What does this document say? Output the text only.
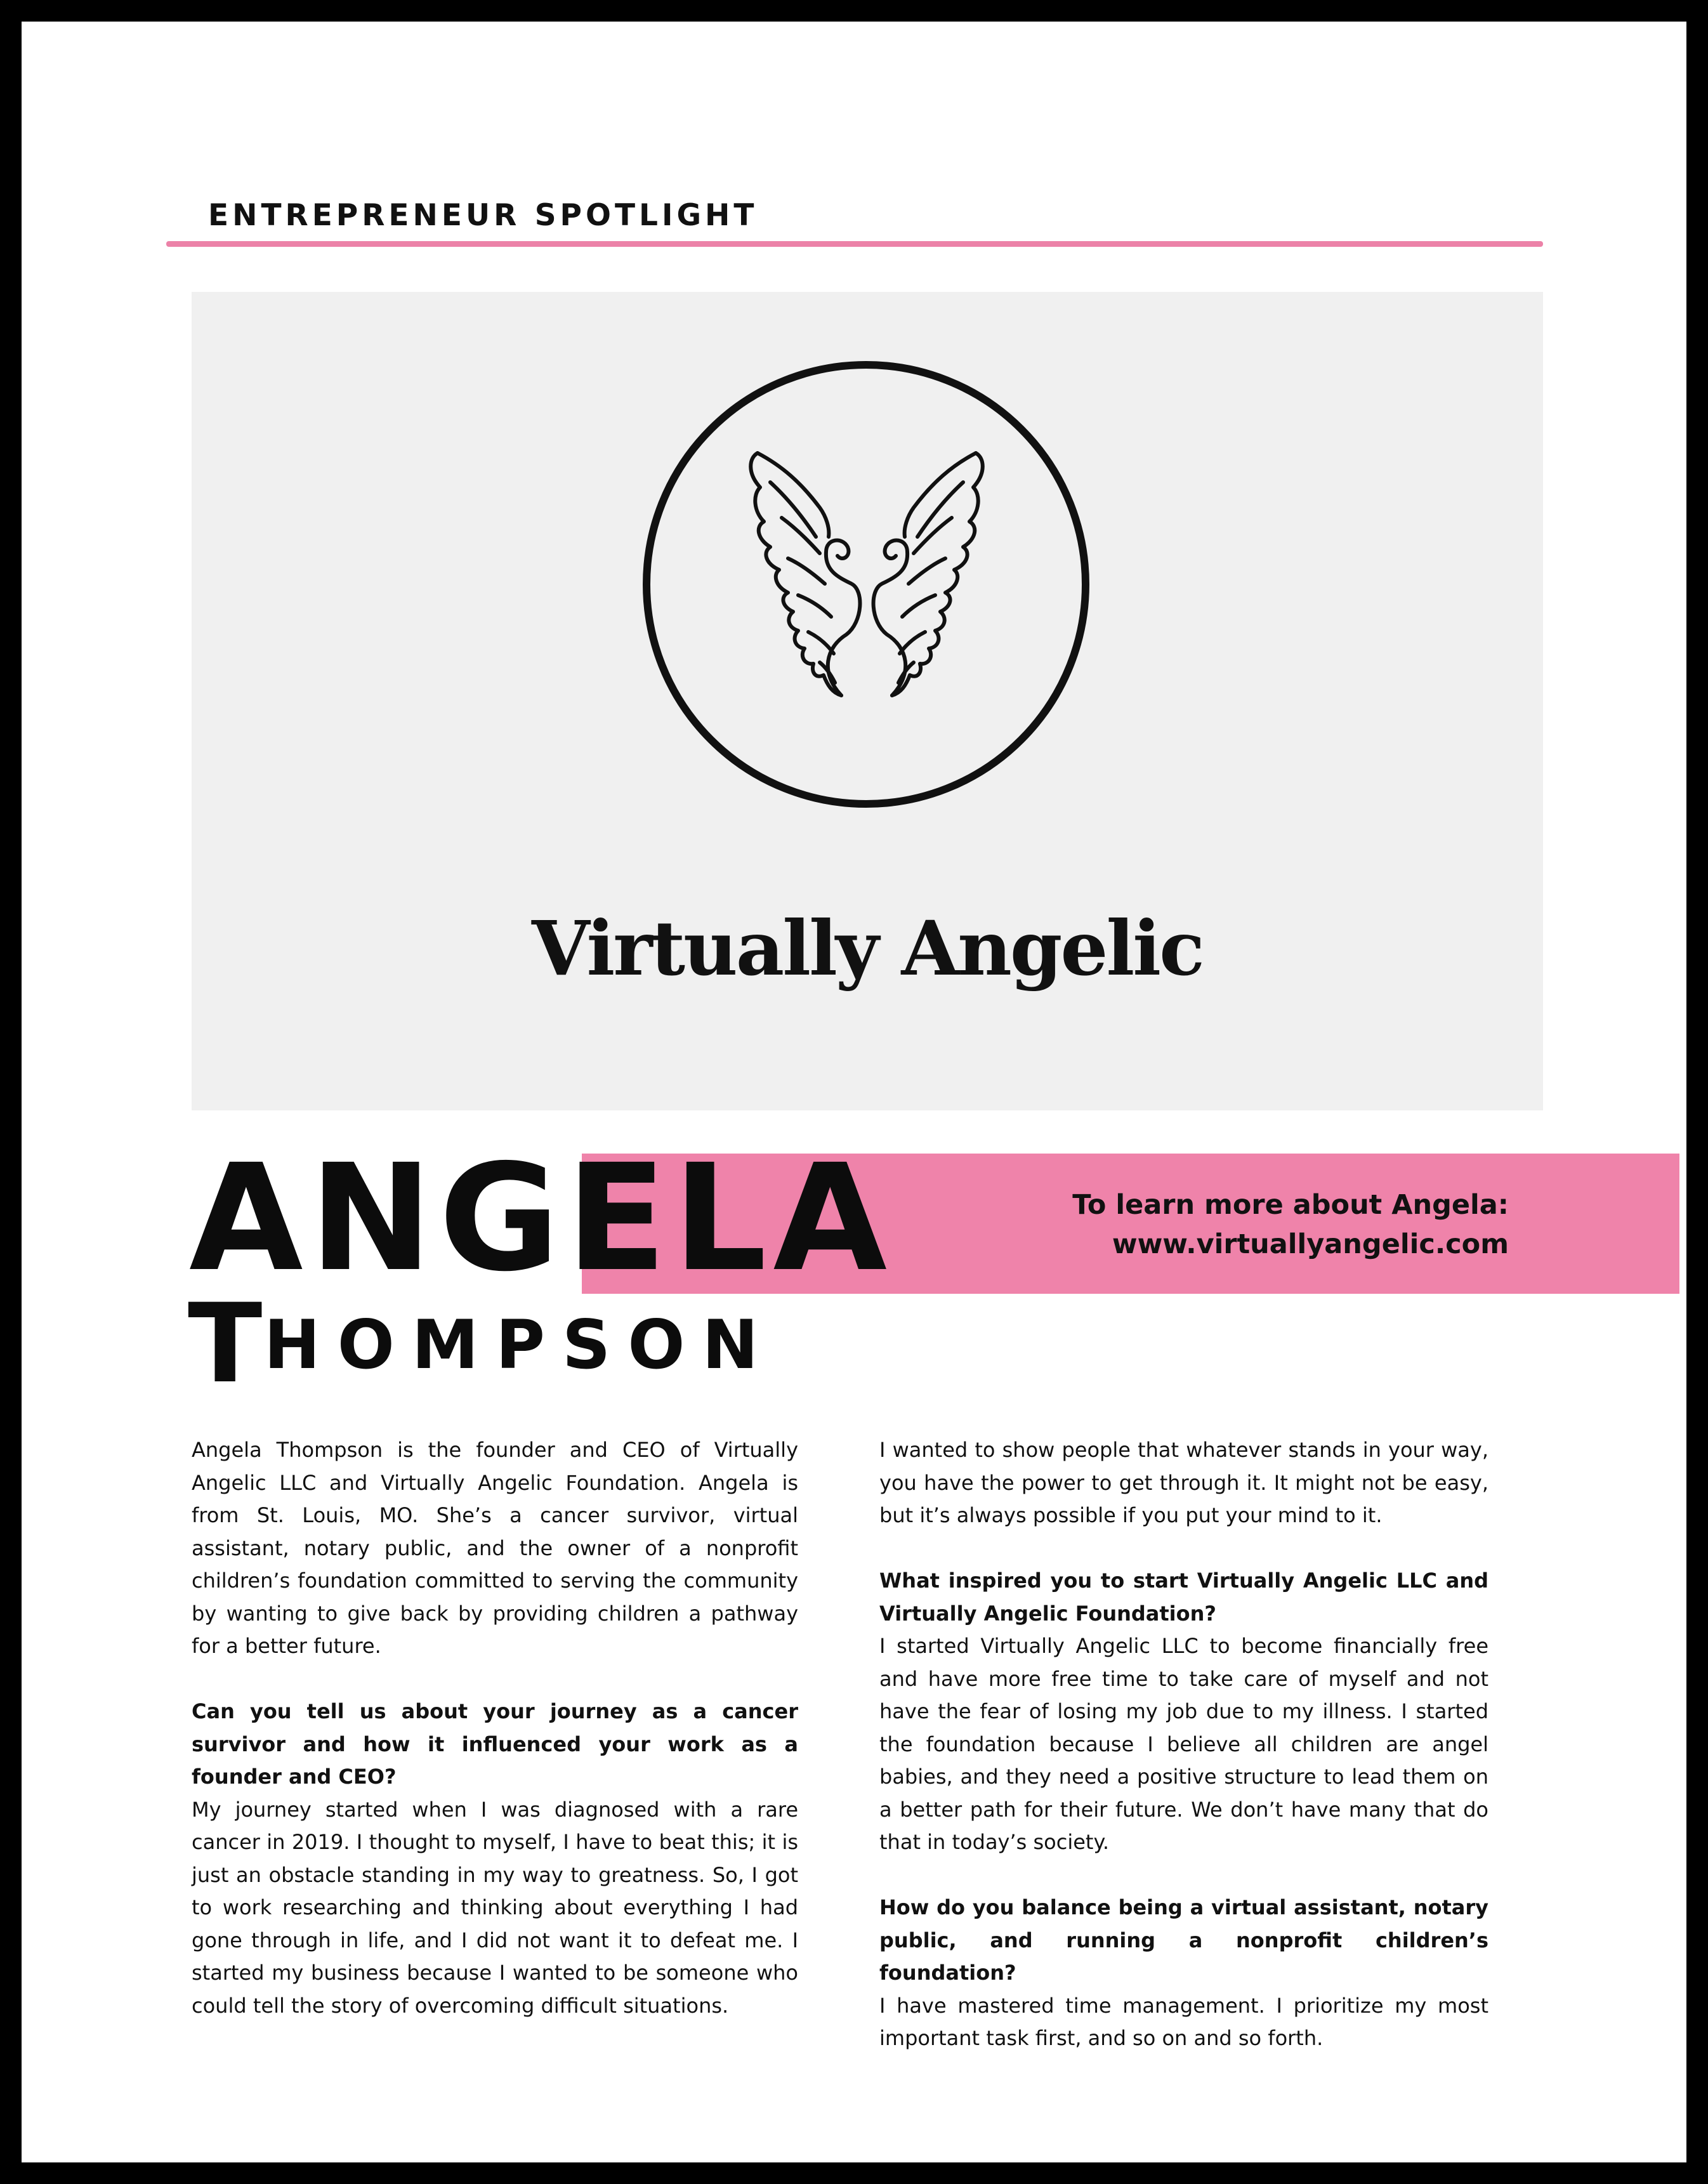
ENTREPRENEUR SPOTLIGHT
Virtually Angelic
To learn more about Angela:
www.virtuallyangelic.com
ANGELA
T HOMPSON

Angela Thompson is the founder and CEO of Virtually Angelic LLC and Virtually Angelic Foundation. Angela is from St. Louis, MO. She’s a cancer survivor, virtual assistant, notary public, and the owner of a nonprofit children’s foundation committed to serving the community by wanting to give back by providing children a pathway for a better future.

Can you tell us about your journey as a cancer survivor and how it influenced your work as a founder and CEO?

My journey started when I was diagnosed with a rare cancer in 2019. I thought to myself, I have to beat this; it is just an obstacle standing in my way to greatness. So, I got to work researching and thinking about everything I had gone through in life, and I did not want it to defeat me. I started my business because I wanted to be someone who could tell the story of overcoming difficult situations.

I wanted to show people that whatever stands in your way, you have the power to get through it. It might not be easy, but it’s always possible if you put your mind to it.

What inspired you to start Virtually Angelic LLC and Virtually Angelic Foundation?

I started Virtually Angelic LLC to become financially free and have more free time to take care of myself and not have the fear of losing my job due to my illness. I started the foundation because I believe all children are angel babies, and they need a positive structure to lead them on a better path for their future. We don’t have many that do that in today’s society.

How do you balance being a virtual assistant, notary public, and running a nonprofit children’s foundation?

I have mastered time management. I prioritize my most important task first, and so on and so forth.
